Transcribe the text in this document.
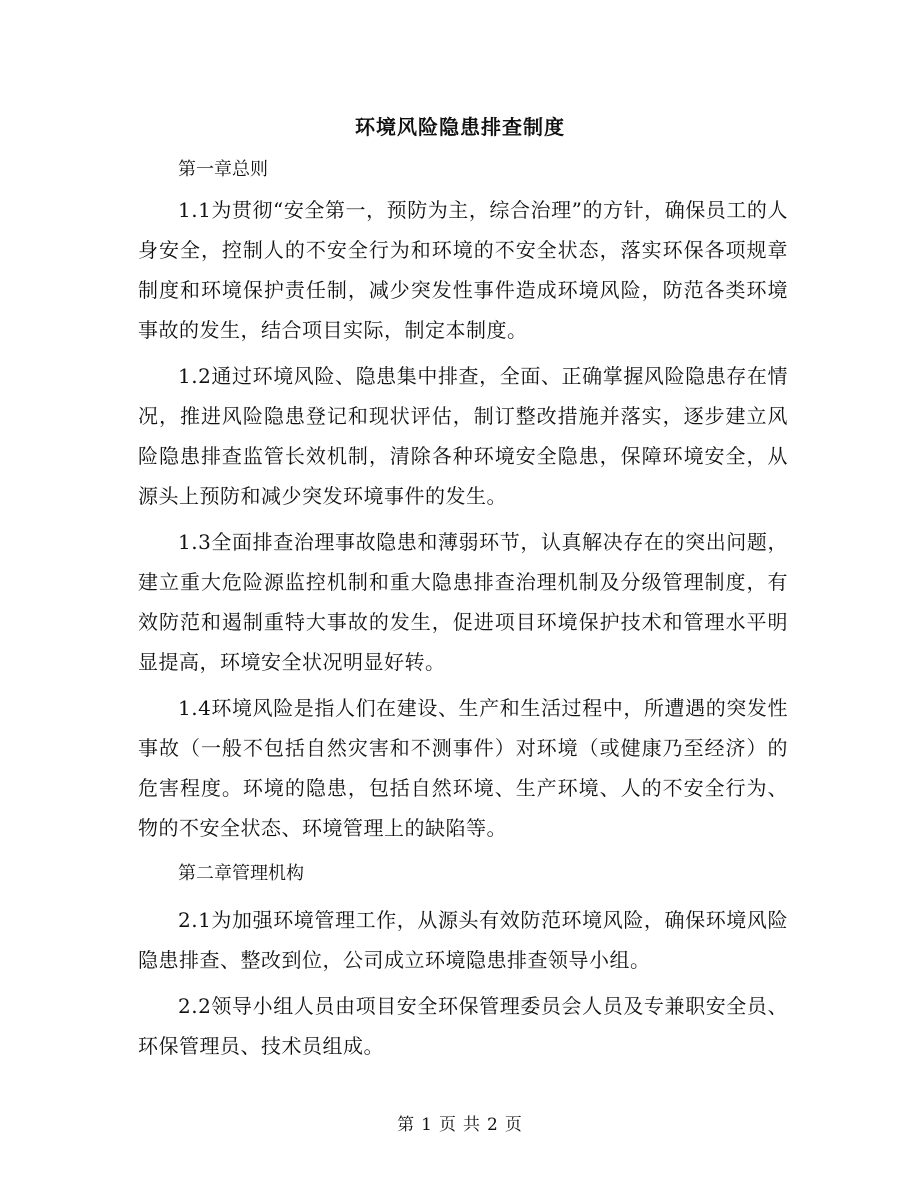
环境风险隐患排查制度
第一章总则

1.1为贯彻“安全第一，预防为主，综合治理”的方针，确保员工的人身安全，控制人的不安全行为和环境的不安全状态，落实环保各项规章制度和环境保护责任制，减少突发性事件造成环境风险，防范各类环境事故的发生，结合项目实际，制定本制度。

1.2通过环境风险、隐患集中排查，全面、正确掌握风险隐患存在情况，推进风险隐患登记和现状评估，制订整改措施并落实，逐步建立风险隐患排查监管长效机制，清除各种环境安全隐患，保障环境安全，从源头上预防和减少突发环境事件的发生。

1.3全面排查治理事故隐患和薄弱环节，认真解决存在的突出问题，建立重大危险源监控机制和重大隐患排查治理机制及分级管理制度，有效防范和遏制重特大事故的发生，促进项目环境保护技术和管理水平明显提高，环境安全状况明显好转。

1.4环境风险是指人们在建设、生产和生活过程中，所遭遇的突发性事故（一般不包括自然灾害和不测事件）对环境（或健康乃至经济）的危害程度。环境的隐患，包括自然环境、生产环境、人的不安全行为、物的不安全状态、环境管理上的缺陷等。

第二章管理机构

2.1为加强环境管理工作，从源头有效防范环境风险，确保环境风险隐患排查、整改到位，公司成立环境隐患排查领导小组。

2.2领导小组人员由项目安全环保管理委员会人员及专兼职安全员、环保管理员、技术员组成。

第 1 页 共 2 页
